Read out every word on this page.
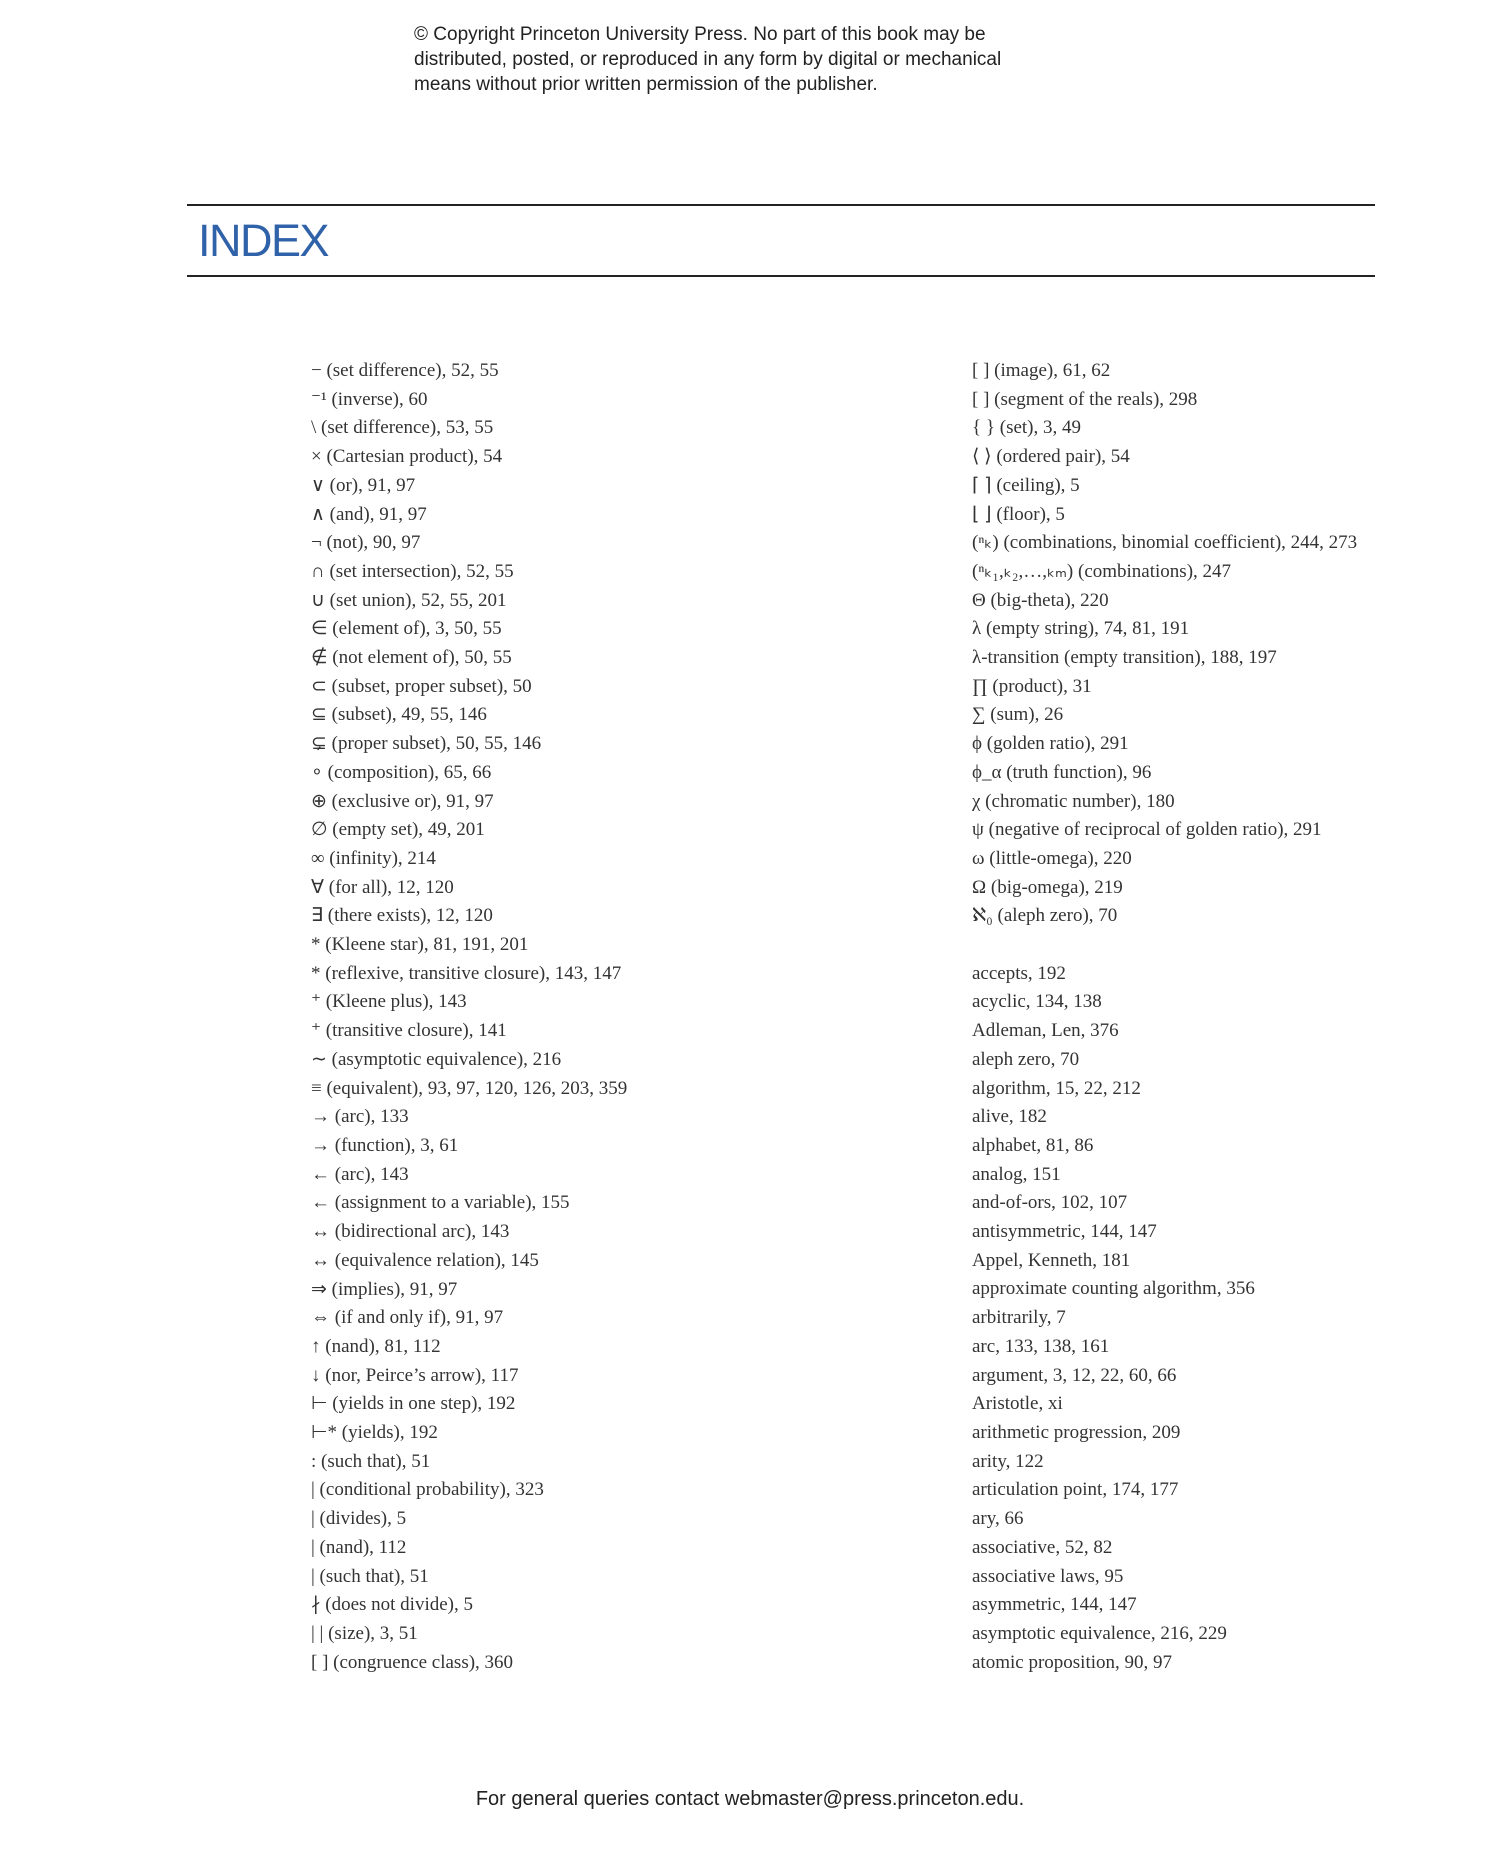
© Copyright Princeton University Press. No part of this book may be
distributed, posted, or reproduced in any form by digital or mechanical
means without prior written permission of the publisher.
INDEX
− (set difference), 52, 55
⁻¹ (inverse), 60
\ (set difference), 53, 55
× (Cartesian product), 54
∨ (or), 91, 97
∧ (and), 91, 97
¬ (not), 90, 97
∩ (set intersection), 52, 55
∪ (set union), 52, 55, 201
∈ (element of), 3, 50, 55
∉ (not element of), 50, 55
⊂ (subset, proper subset), 50
⊆ (subset), 49, 55, 146
⊊ (proper subset), 50, 55, 146
∘ (composition), 65, 66
⊕ (exclusive or), 91, 97
∅ (empty set), 49, 201
∞ (infinity), 214
∀ (for all), 12, 120
∃ (there exists), 12, 120
* (Kleene star), 81, 191, 201
* (reflexive, transitive closure), 143, 147
⁺ (Kleene plus), 143
⁺ (transitive closure), 141
∼ (asymptotic equivalence), 216
≡ (equivalent), 93, 97, 120, 126, 203, 359
→ (arc), 133
→ (function), 3, 61
← (arc), 143
← (assignment to a variable), 155
↔ (bidirectional arc), 143
↔ (equivalence relation), 145
⇒ (implies), 91, 97
⇔ (if and only if), 91, 97
↑ (nand), 81, 112
↓ (nor, Peirce’s arrow), 117
⊢ (yields in one step), 192
⊢* (yields), 192
: (such that), 51
| (conditional probability), 323
| (divides), 5
| (nand), 112
| (such that), 51
∤ (does not divide), 5
| | (size), 3, 51
[ ] (congruence class), 360
[ ] (image), 61, 62
[ ] (segment of the reals), 298
{ } (set), 3, 49
⟨ ⟩ (ordered pair), 54
⌈ ⌉ (ceiling), 5
⌊ ⌋ (floor), 5
(ⁿₖ) (combinations, binomial coefficient), 244, 273
(ⁿₖ₁,ₖ₂,…,ₖₘ) (combinations), 247
Θ (big-theta), 220
λ (empty string), 74, 81, 191
λ-transition (empty transition), 188, 197
∏ (product), 31
∑ (sum), 26
ϕ (golden ratio), 291
ϕ_α (truth function), 96
χ (chromatic number), 180
ψ (negative of reciprocal of golden ratio), 291
ω (little-omega), 220
Ω (big-omega), 219
ℵ₀ (aleph zero), 70
accepts, 192
acyclic, 134, 138
Adleman, Len, 376
aleph zero, 70
algorithm, 15, 22, 212
alive, 182
alphabet, 81, 86
analog, 151
and-of-ors, 102, 107
antisymmetric, 144, 147
Appel, Kenneth, 181
approximate counting algorithm, 356
arbitrarily, 7
arc, 133, 138, 161
argument, 3, 12, 22, 60, 66
Aristotle, xi
arithmetic progression, 209
arity, 122
articulation point, 174, 177
ary, 66
associative, 52, 82
associative laws, 95
asymmetric, 144, 147
asymptotic equivalence, 216, 229
atomic proposition, 90, 97
For general queries contact webmaster@press.princeton.edu.
